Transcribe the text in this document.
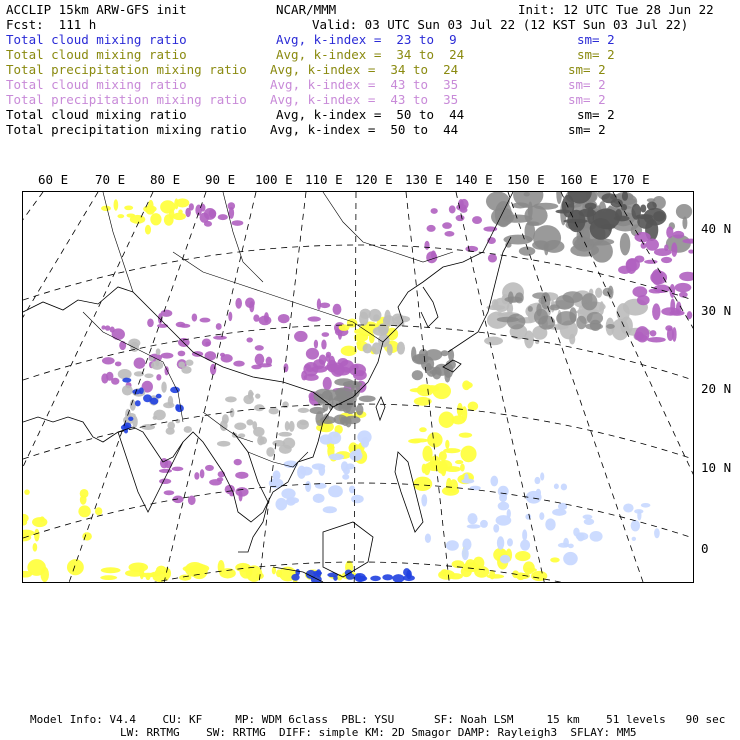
ACCLIP 15km ARW-GFS init	NCAR/MMM	Init: 12 UTC Tue 28 Jun 22
Fcst:  111 h	Valid: 03 UTC Sun 03 Jul 22 (12 KST Sun 03 Jul 22)
Total cloud mixing ratio	Avg, k-index =  23 to  9	sm= 2
Total cloud mixing ratio	Avg, k-index =  34 to  24	sm= 2
Total precipitation mixing ratio Avg, k-index =  34 to  24	sm= 2
Total cloud mixing ratio	Avg, k-index =  43 to  35	sm= 2
Total precipitation mixing ratio Avg, k-index =  43 to  35	sm= 2
Total cloud mixing ratio	Avg, k-index =  50 to  44	sm= 2
Total precipitation mixing ratio Avg, k-index =  50 to  44	sm= 2
60 E 70 E 80 E 90 E 100 E 110 E 120 E 130 E 140 E 150 E 160 E 170 E
40 N
30 N
20 N
10 N
0
Model Info: V4.4    CU: KF     MP: WDM 6class  PBL: YSU      SF: Noah LSM     15 km    51 levels   90 sec
LW: RRTMG    SW: RRTMG  DIFF: simple KM: 2D Smagor DAMP: Rayleigh3  SFLAY: MM5
